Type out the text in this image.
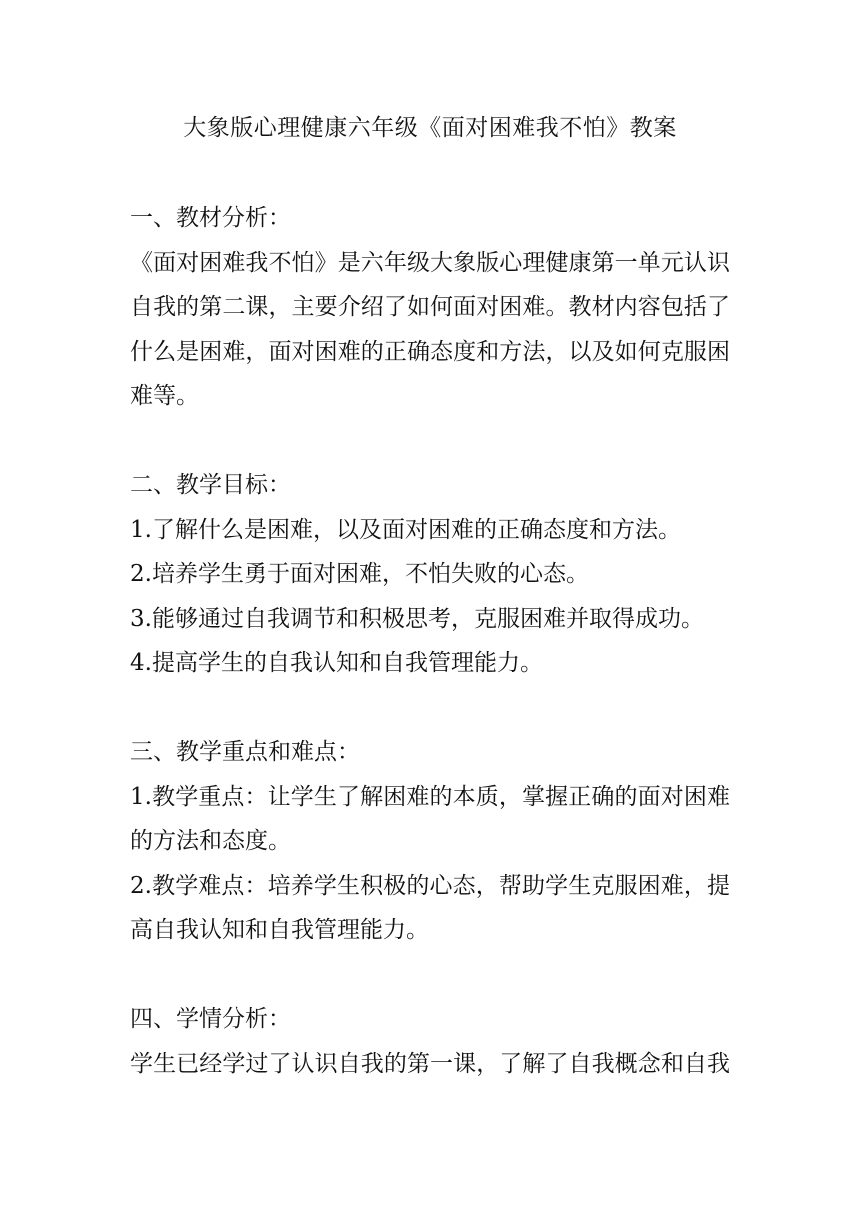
大象版心理健康六年级《面对困难我不怕》教案
一、教材分析：
《面对困难我不怕》是六年级大象版心理健康第一单元认识
自我的第二课，主要介绍了如何面对困难。教材内容包括了
什么是困难，面对困难的正确态度和方法，以及如何克服困
难等。
二、教学目标：
1.了解什么是困难，以及面对困难的正确态度和方法。
2.培养学生勇于面对困难，不怕失败的心态。
3.能够通过自我调节和积极思考，克服困难并取得成功。
4.提高学生的自我认知和自我管理能力。
三、教学重点和难点：
1.教学重点：让学生了解困难的本质，掌握正确的面对困难
的方法和态度。
2.教学难点：培养学生积极的心态，帮助学生克服困难，提
高自我认知和自我管理能力。
四、学情分析：
学生已经学过了认识自我的第一课，了解了自我概念和自我
